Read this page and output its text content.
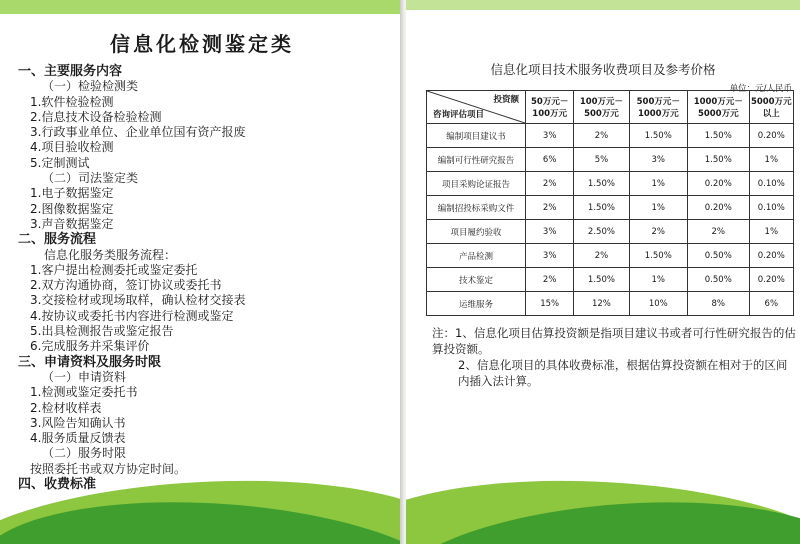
信息化检测鉴定类
一、主要服务内容
（一）检验检测类
1.软件检验检测
2.信息技术设备检验检测
3.行政事业单位、企业单位国有资产报废
4.项目验收检测
5.定制测试
（二）司法鉴定类
1.电子数据鉴定
2.图像数据鉴定
3.声音数据鉴定
二、服务流程
信息化服务类服务流程：
1.客户提出检测委托或鉴定委托
2.双方沟通协商，签订协议或委托书
3.交接检材或现场取样，确认检材交接表
4.按协议或委托书内容进行检测或鉴定
5.出具检测报告或鉴定报告
6.完成服务并采集评价
三、申请资料及服务时限
（一）申请资料
1.检测或鉴定委托书
2.检材收样表
3.风险告知确认书
4.服务质量反馈表
（二）服务时限
按照委托书或双方协定时间。
四、收费标准
信息化项目技术服务收费项目及参考价格
单位：元/人民币
投资额
咨询评估项目	50万元－100万元	100万元－500万元	500万元－1000万元	1000万元－5000万元	5000万元以上
编制项目建议书	3%	2%	1.50%	1.50%	0.20%
编制可行性研究报告	6%	5%	3%	1.50%	1%
项目采购论证报告	2%	1.50%	1%	0.20%	0.10%
编制招投标采购文件	2%	1.50%	1%	0.20%	0.10%
项目履约验收	3%	2.50%	2%	2%	1%
产品检测	3%	2%	1.50%	0.50%	0.20%
技术鉴定	2%	1.50%	1%	0.50%	0.20%
运维服务	15%	12%	10%	8%	6%
注：1、信息化项目估算投资额是指项目建议书或者可行性研究报告的估算投资额。
2、信息化项目的具体收费标准，根据估算投资额在相对于的区间内插入法计算。
